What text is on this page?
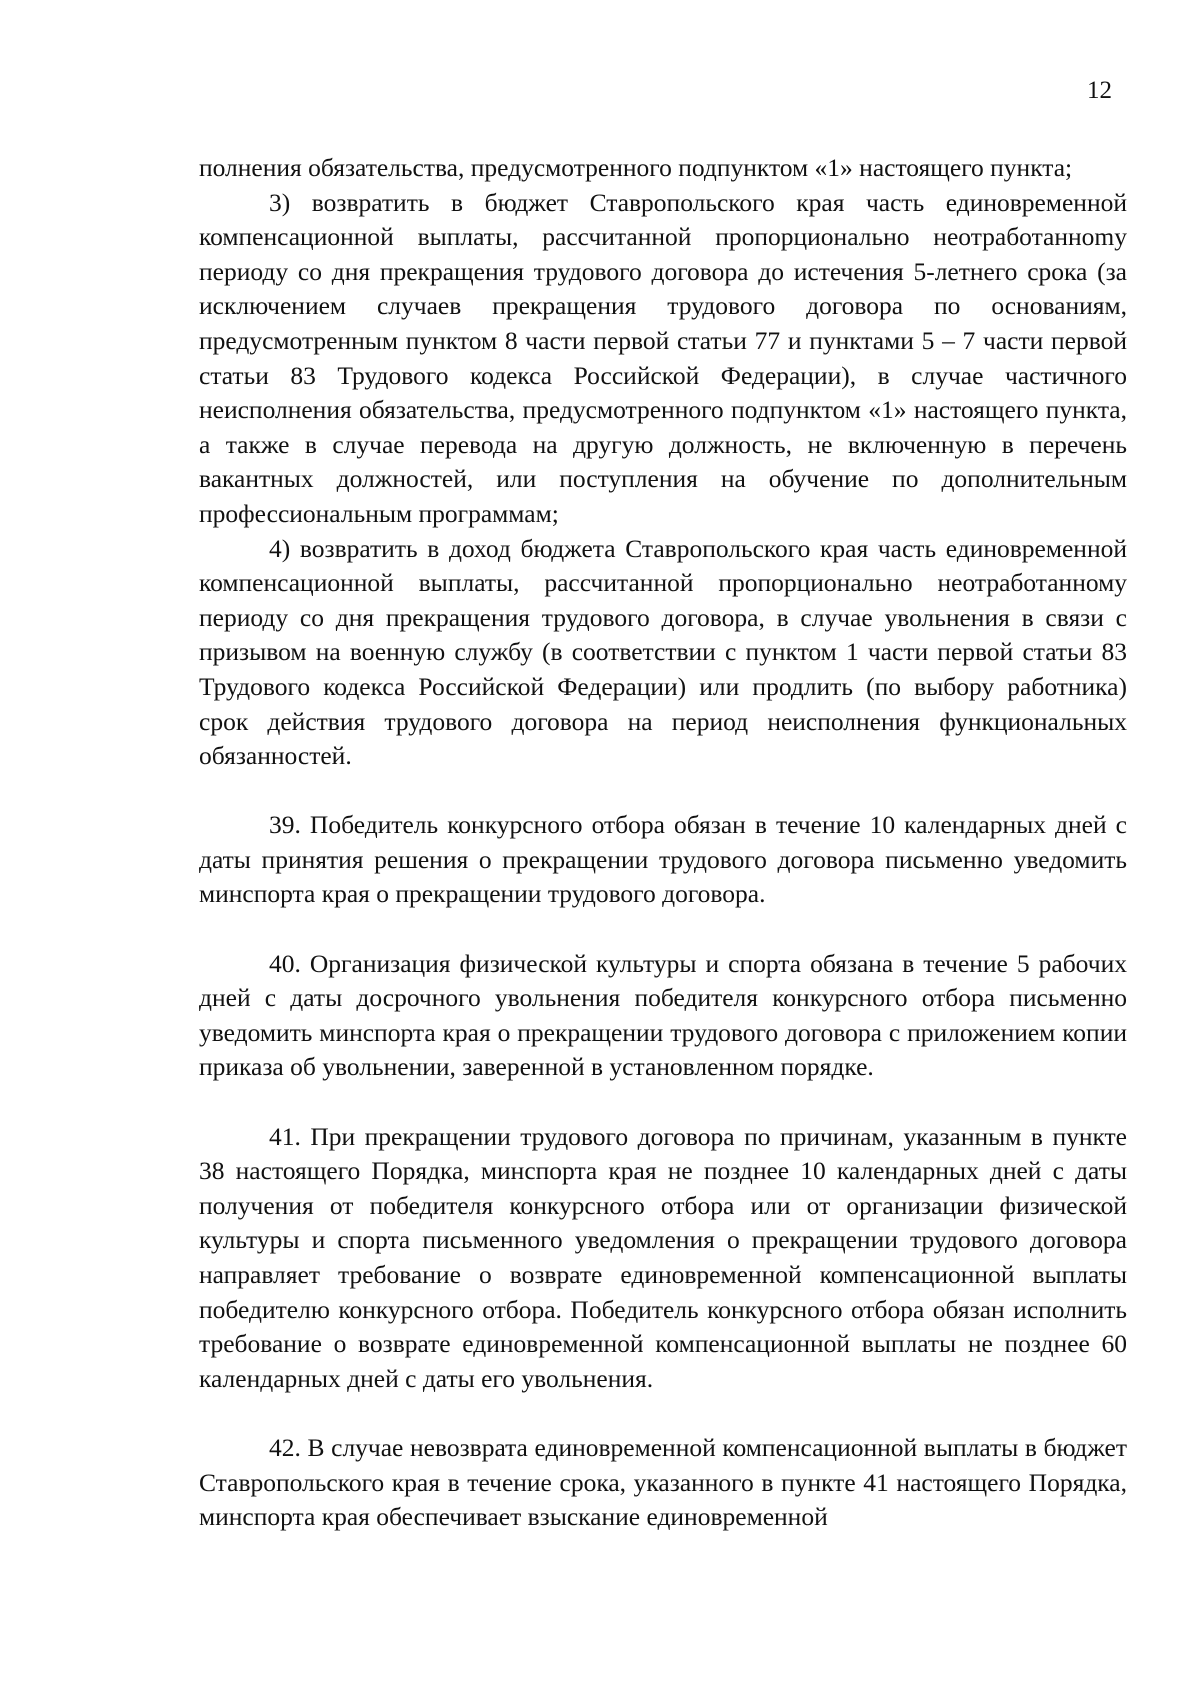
12

полнения обязательства, предусмотренного подпунктом «1» настоящего пункта;

3) возвратить в бюджет Ставропольского края часть единовременной компенсационной выплаты, рассчитанной пропорционально неотработанноmу периоду со дня прекращения трудового договора до истечения 5-летнего срока (за исключением случаев прекращения трудового договора по основаниям, предусмотренным пунктом 8 части первой статьи 77 и пунктами 5 – 7 части первой статьи 83 Трудового кодекса Российской Федерации), в случае частичного неисполнения обязательства, предусмотренного подпунктом «1» настоящего пункта, а также в случае перевода на другую должность, не включенную в перечень вакантных должностей, или поступления на обучение по дополнительным профессиональным программам;

4) возвратить в доход бюджета Ставропольского края часть единовременной компенсационной выплаты, рассчитанной пропорционально неотработанному периоду со дня прекращения трудового договора, в случае увольнения в связи с призывом на военную службу (в соответствии с пунктом 1 части первой статьи 83 Трудового кодекса Российской Федерации) или продлить (по выбору работника) срок действия трудового договора на период неисполнения функциональных обязанностей.

39. Победитель конкурсного отбора обязан в течение 10 календарных дней с даты принятия решения о прекращении трудового договора письменно уведомить минспорта края о прекращении трудового договора.

40. Организация физической культуры и спорта обязана в течение 5 рабочих дней с даты досрочного увольнения победителя конкурсного отбора письменно уведомить минспорта края о прекращении трудового договора с приложением копии приказа об увольнении, заверенной в установленном порядке.

41. При прекращении трудового договора по причинам, указанным в пункте 38 настоящего Порядка, минспорта края не позднее 10 календарных дней с даты получения от победителя конкурсного отбора или от организации физической культуры и спорта письменного уведомления о прекращении трудового договора направляет требование о возврате единовременной компенсационной выплаты победителю конкурсного отбора. Победитель конкурсного отбора обязан исполнить требование о возврате единовременной компенсационной выплаты не позднее 60 календарных дней с даты его увольнения.

42. В случае невозврата единовременной компенсационной выплаты в бюджет Ставропольского края в течение срока, указанного в пункте 41 настоящего Порядка, минспорта края обеспечивает взыскание единовременной
